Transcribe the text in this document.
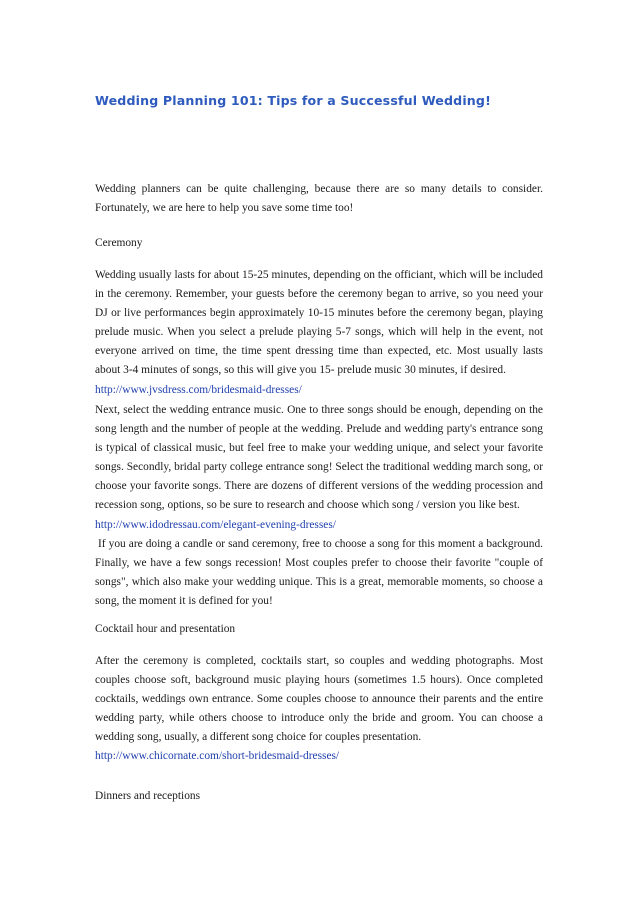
Wedding Planning 101: Tips for a Successful Wedding!

Wedding planners can be quite challenging, because there are so many details to consider. Fortunately, we are here to help you save some time too!

Ceremony

Wedding usually lasts for about 15-25 minutes, depending on the officiant, which will be included in the ceremony. Remember, your guests before the ceremony began to arrive, so you need your DJ or live performances begin approximately 10-15 minutes before the ceremony began, playing prelude music. When you select a prelude playing 5-7 songs, which will help in the event, not everyone arrived on time, the time spent dressing time than expected, etc. Most usually lasts about 3-4 minutes of songs, so this will give you 15- prelude music 30 minutes, if desired.

http://www.jvsdress.com/bridesmaid-dresses/

Next, select the wedding entrance music. One to three songs should be enough, depending on the song length and the number of people at the wedding. Prelude and wedding party's entrance song is typical of classical music, but feel free to make your wedding unique, and select your favorite songs. Secondly, bridal party college entrance song! Select the traditional wedding march song, or choose your favorite songs. There are dozens of different versions of the wedding procession and recession song, options, so be sure to research and choose which song / version you like best.

http://www.idodressau.com/elegant-evening-dresses/

If you are doing a candle or sand ceremony, free to choose a song for this moment a background. Finally, we have a few songs recession! Most couples prefer to choose their favorite "couple of songs", which also make your wedding unique. This is a great, memorable moments, so choose a song, the moment it is defined for you!

Cocktail hour and presentation

After the ceremony is completed, cocktails start, so couples and wedding photographs. Most couples choose soft, background music playing hours (sometimes 1.5 hours). Once completed cocktails, weddings own entrance. Some couples choose to announce their parents and the entire wedding party, while others choose to introduce only the bride and groom. You can choose a wedding song, usually, a different song choice for couples presentation.

http://www.chicornate.com/short-bridesmaid-dresses/

Dinners and receptions
